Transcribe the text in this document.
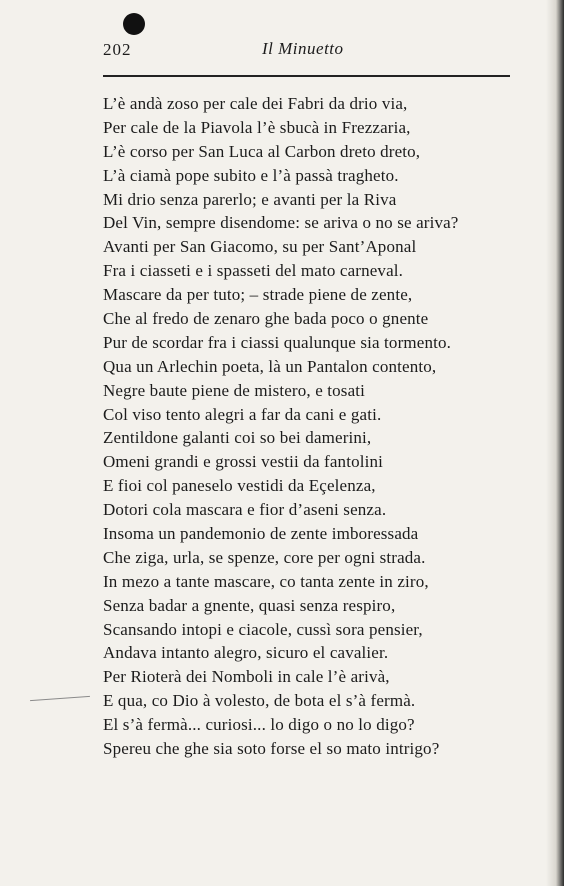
202	Il Minuetto
L’è andà zoso per cale dei Fabri da drio via,
Per cale de la Piavola l’è sbucà in Frezzaria,
L’è corso per San Luca al Carbon dreto dreto,
L’à ciamà pope subito e l’à passà tragheto.
Mi drio senza parerlo; e avanti per la Riva
Del Vin, sempre disendome: se ariva o no se ariva?
Avanti per San Giacomo, su per Sant’Aponal
Fra i ciasseti e i spasseti del mato carneval.
Mascare da per tuto; – strade piene de zente,
Che al fredo de zenaro ghe bada poco o gnente
Pur de scordar fra i ciassi qualunque sia tormento.
Qua un Arlechin poeta, là un Pantalon contento,
Negre baute piene de mistero, e tosati
Col viso tento alegri a far da cani e gati.
Zentildone galanti coi so bei damerini,
Omeni grandi e grossi vestii da fantolini
E fioi col paneselo vestidi da Eçelenza,
Dotori cola mascara e fior d’aseni senza.
Insoma un pandemonio de zente imboressada
Che ziga, urla, se spenze, core per ogni strada.
In mezo a tante mascare, co tanta zente in ziro,
Senza badar a gnente, quasi senza respiro,
Scansando intopi e ciacole, cussì sora pensier,
Andava intanto alegro, sicuro el cavalier.
Per Rioterà dei Nomboli in cale l’è arivà,
E qua, co Dio à volesto, de bota el s’à fermà.
El s’à fermà... curiosi... lo digo o no lo digo?
Spereu che ghe sia soto forse el so mato intrigo?
